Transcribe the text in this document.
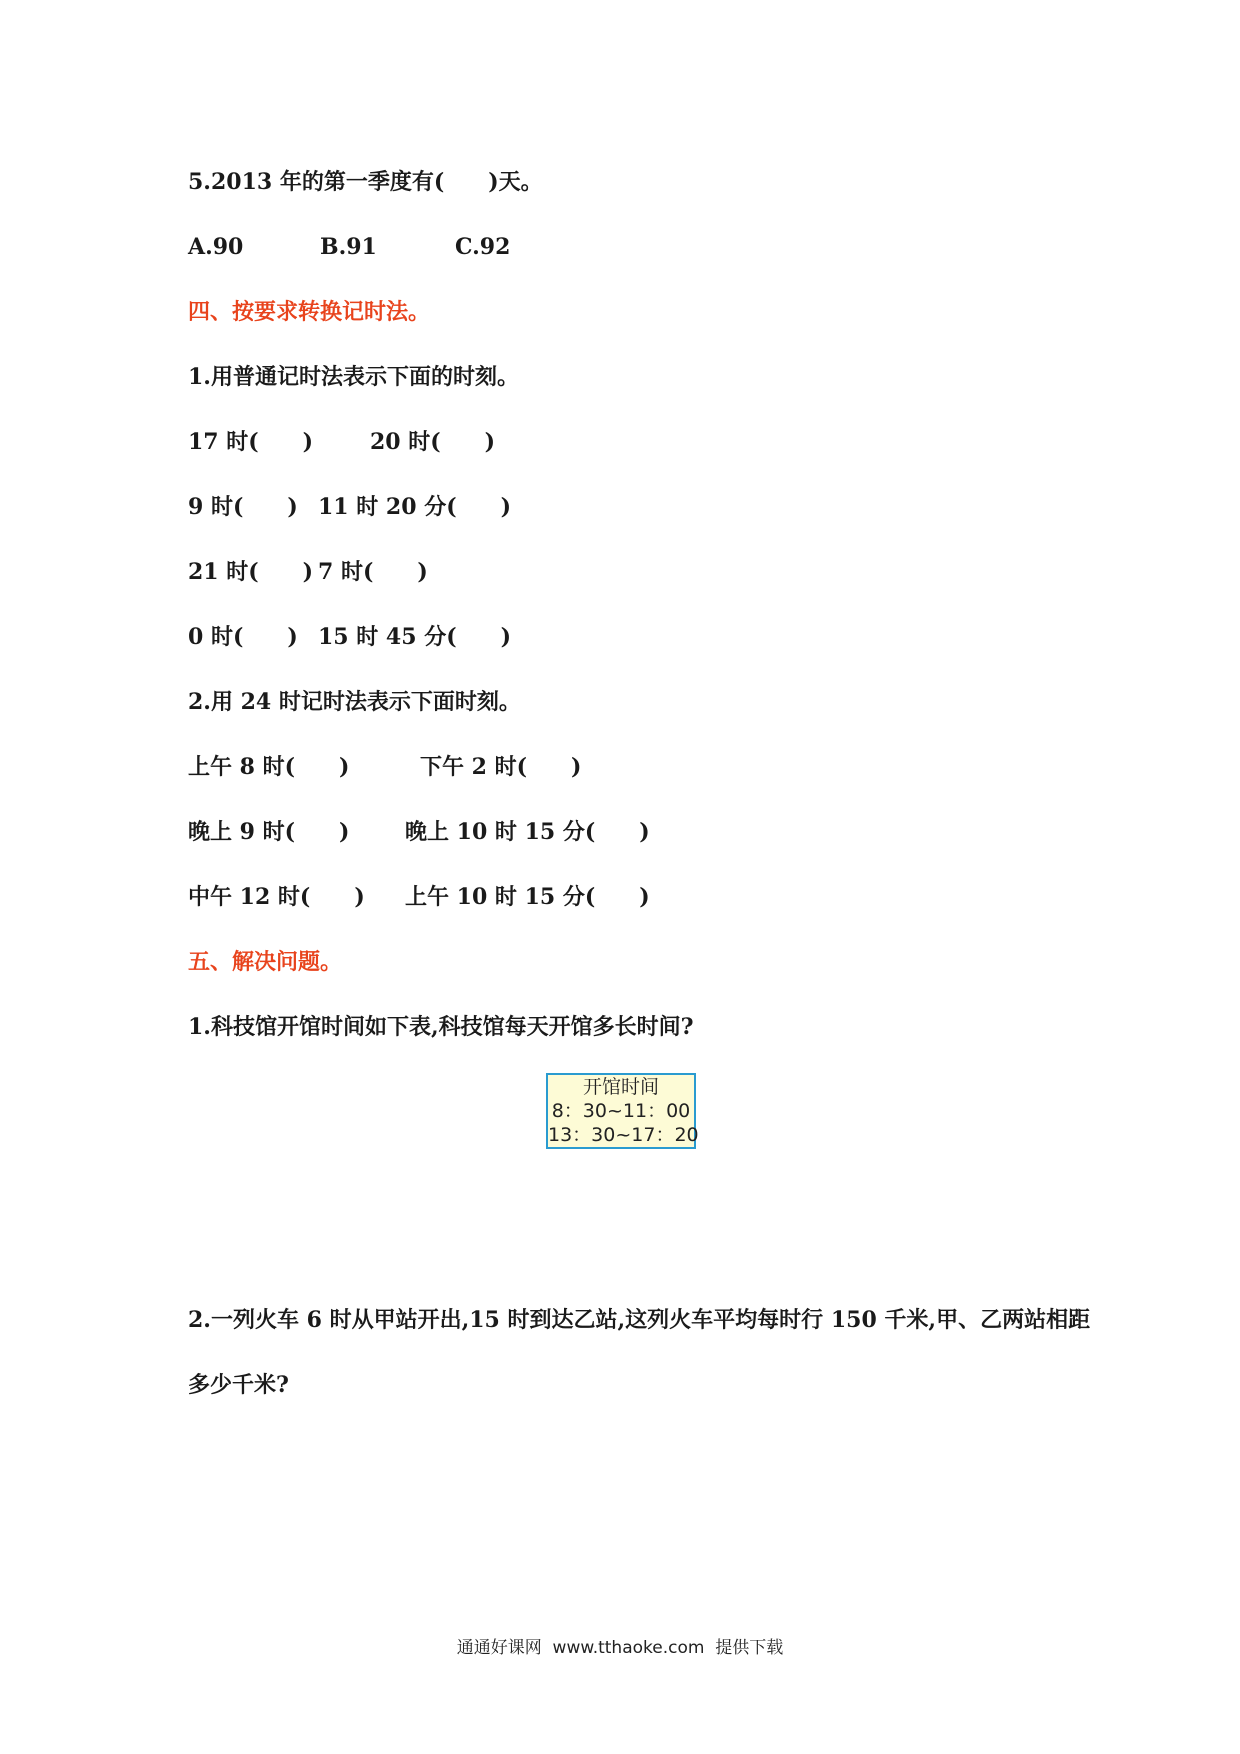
5.2013 年的第一季度有(　　)天。
A.90	B.91	C.92
四、按要求转换记时法。
1.用普通记时法表示下面的时刻。
17 时(　　)	20 时(　　)
9 时(　　) 11 时 20 分(　　)
21 时(　　) 7 时(　　)
0 时(　　) 15 时 45 分(　　)
2.用 24 时记时法表示下面时刻。
上午 8 时(　　)	下午 2 时(　　)
晚上 9 时(　　)	晚上 10 时 15 分(　　)
中午 12 时(　　) 上午 10 时 15 分(　　)
五、解决问题。
1.科技馆开馆时间如下表,科技馆每天开馆多长时间?
开馆时间
8：30~11：00
13：30~17：20
2.一列火车 6 时从甲站开出,15 时到达乙站,这列火车平均每时行 150 千米,甲、乙两站相距
多少千米?
通通好课网  www.tthaoke.com  提供下载
